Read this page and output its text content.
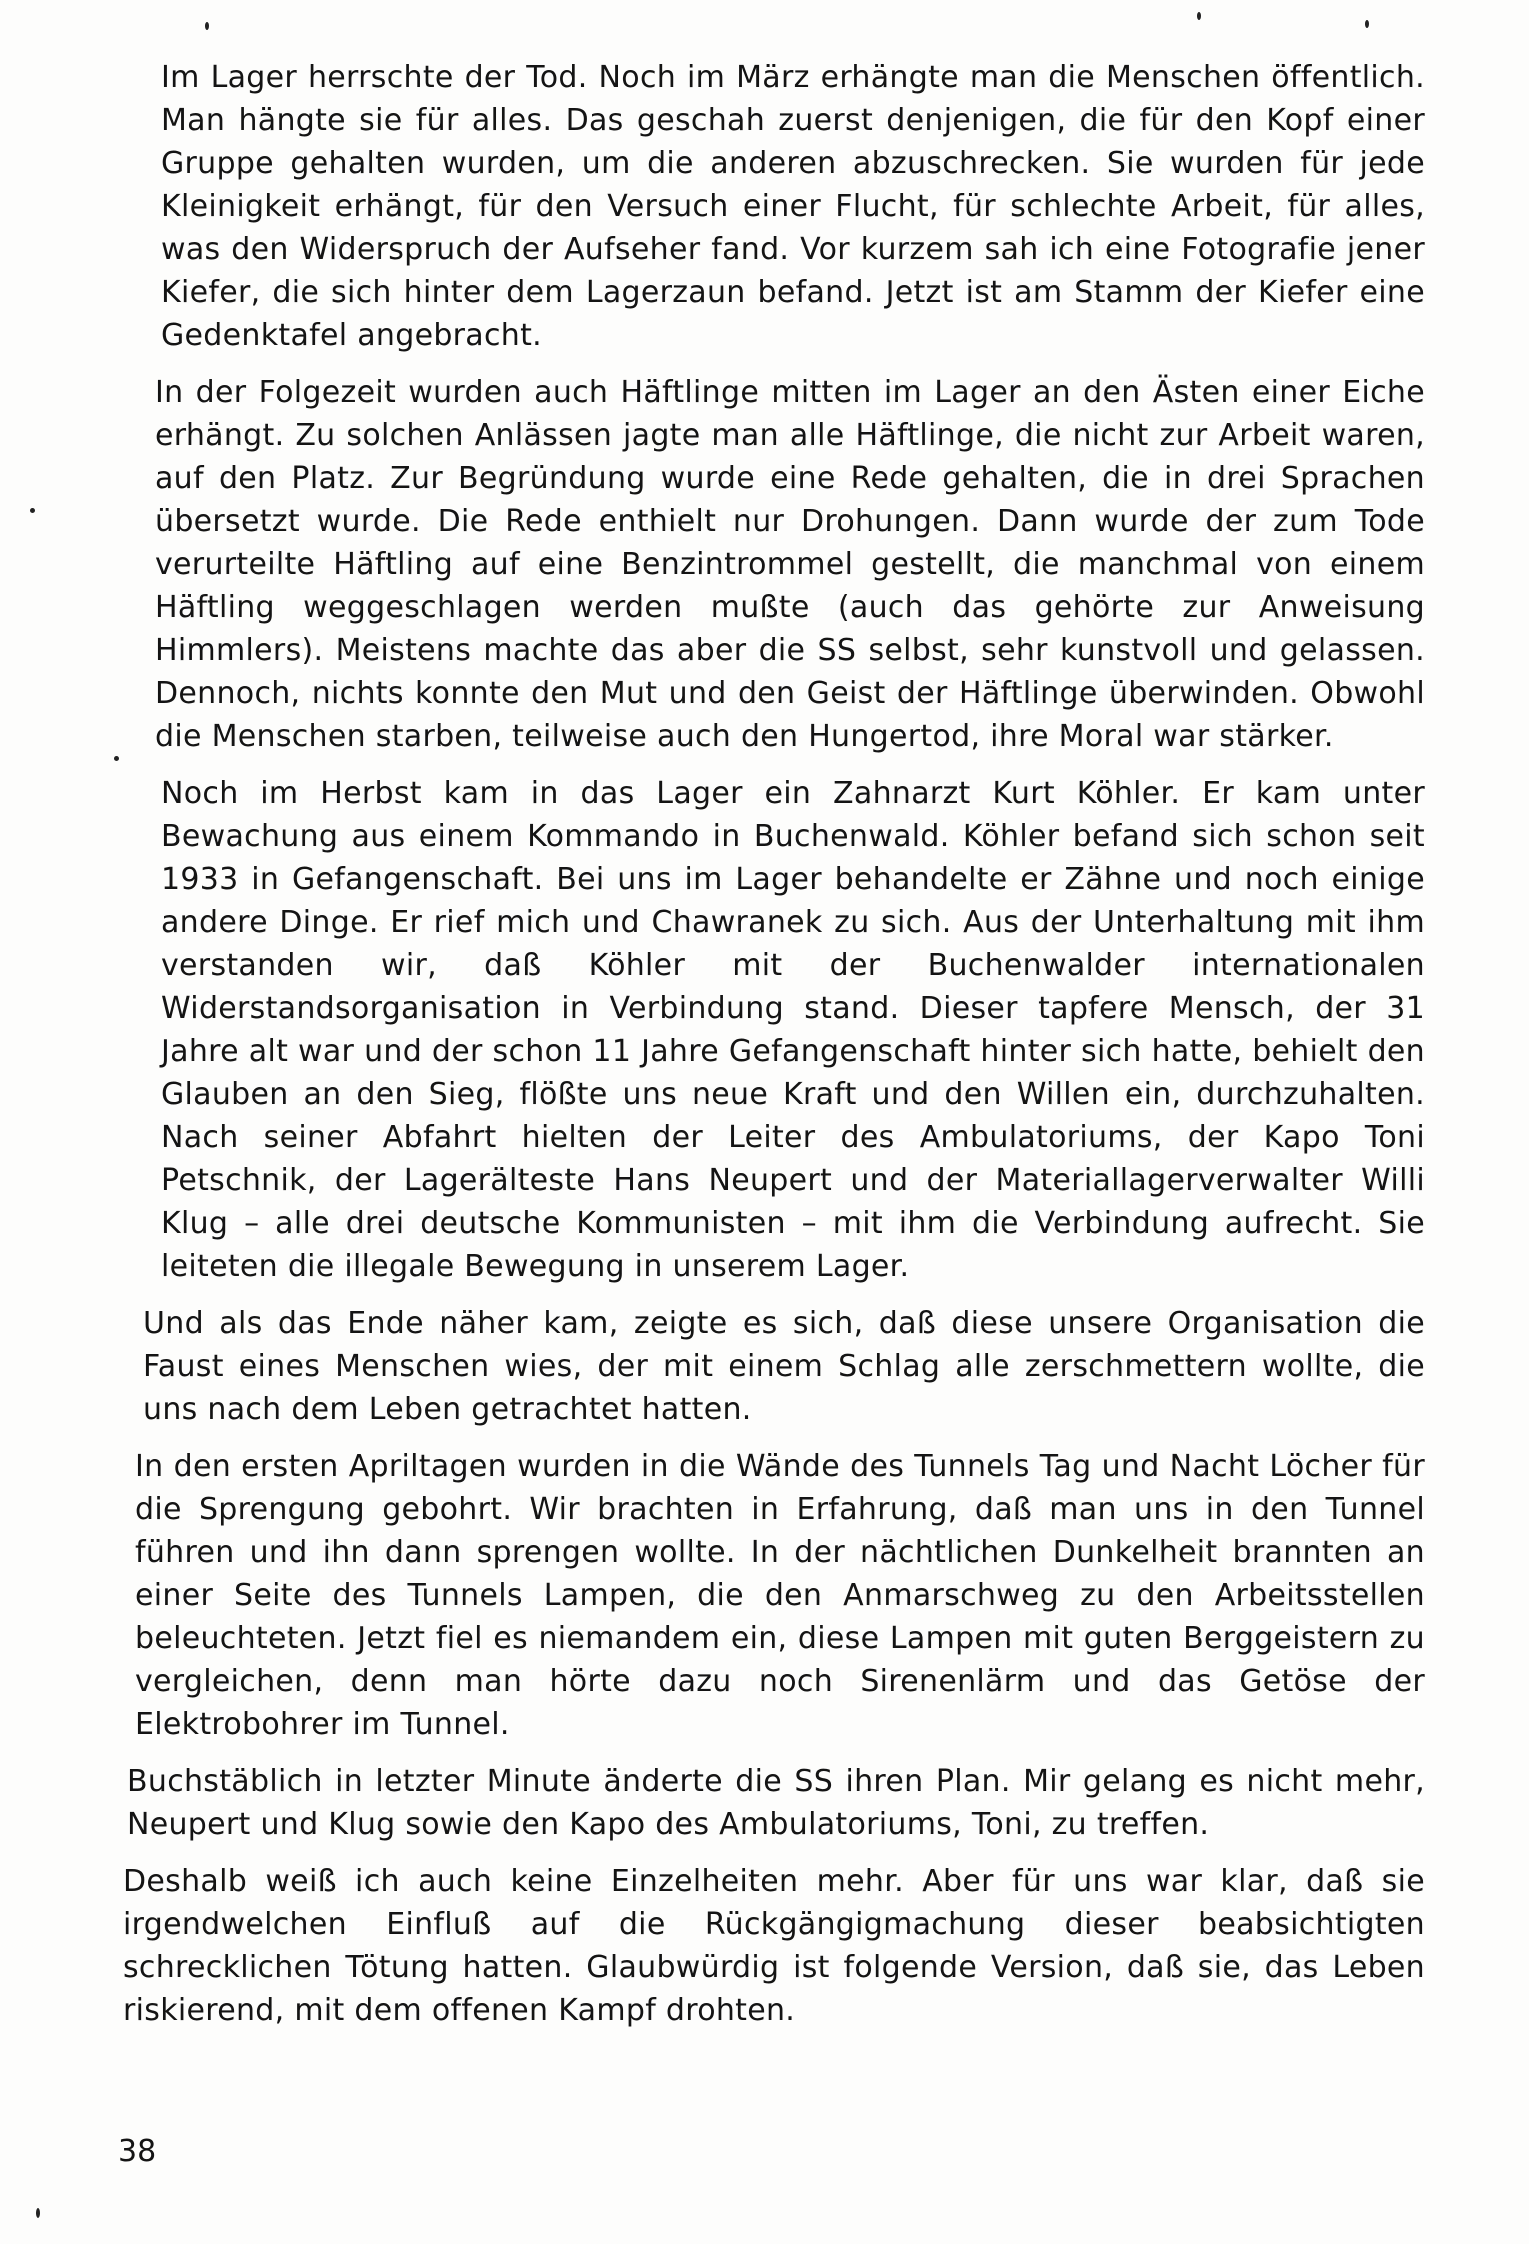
Im Lager herrschte der Tod. Noch im März erhängte man die Menschen öffentlich. Man hängte sie für alles. Das geschah zuerst denjenigen, die für den Kopf einer Gruppe gehalten wurden, um die anderen abzuschrecken. Sie wurden für jede Kleinigkeit erhängt, für den Versuch einer Flucht, für schlechte Arbeit, für alles, was den Widerspruch der Aufseher fand. Vor kurzem sah ich eine Fotografie jener Kiefer, die sich hinter dem Lagerzaun befand. Jetzt ist am Stamm der Kiefer eine Gedenktafel angebracht.

In der Folgezeit wurden auch Häftlinge mitten im Lager an den Ästen einer Eiche erhängt. Zu solchen Anlässen jagte man alle Häftlinge, die nicht zur Arbeit waren, auf den Platz. Zur Begründung wurde eine Rede gehalten, die in drei Sprachen übersetzt wurde. Die Rede enthielt nur Drohungen. Dann wurde der zum Tode verurteilte Häftling auf eine Benzintrommel gestellt, die manchmal von einem Häftling weggeschlagen werden mußte (auch das gehörte zur Anweisung Himmlers). Meistens machte das aber die SS selbst, sehr kunstvoll und gelassen. Dennoch, nichts konnte den Mut und den Geist der Häftlinge überwinden. Obwohl die Menschen starben, teilweise auch den Hungertod, ihre Moral war stärker.

Noch im Herbst kam in das Lager ein Zahnarzt Kurt Köhler. Er kam unter Bewachung aus einem Kommando in Buchenwald. Köhler befand sich schon seit 1933 in Gefangenschaft. Bei uns im Lager behandelte er Zähne und noch einige andere Dinge. Er rief mich und Chawranek zu sich. Aus der Unterhaltung mit ihm verstanden wir, daß Köhler mit der Buchenwalder internationalen Widerstandsorganisation in Verbindung stand. Dieser tapfere Mensch, der 31 Jahre alt war und der schon 11 Jahre Gefangenschaft hinter sich hatte, behielt den Glauben an den Sieg, flößte uns neue Kraft und den Willen ein, durchzuhalten. Nach seiner Abfahrt hielten der Leiter des Ambulatoriums, der Kapo Toni Petschnik, der Lagerälteste Hans Neupert und der Materiallagerverwalter Willi Klug – alle drei deutsche Kommunisten – mit ihm die Verbindung aufrecht. Sie leiteten die illegale Bewegung in unserem Lager.

Und als das Ende näher kam, zeigte es sich, daß diese unsere Organisation die Faust eines Menschen wies, der mit einem Schlag alle zerschmettern wollte, die uns nach dem Leben getrachtet hatten.

In den ersten Apriltagen wurden in die Wände des Tunnels Tag und Nacht Löcher für die Sprengung gebohrt. Wir brachten in Erfahrung, daß man uns in den Tunnel führen und ihn dann sprengen wollte. In der nächtlichen Dunkelheit brannten an einer Seite des Tunnels Lampen, die den Anmarschweg zu den Arbeitsstellen beleuchteten. Jetzt fiel es niemandem ein, diese Lampen mit guten Berggeistern zu vergleichen, denn man hörte dazu noch Sirenenlärm und das Getöse der Elektrobohrer im Tunnel.

Buchstäblich in letzter Minute änderte die SS ihren Plan. Mir gelang es nicht mehr, Neupert und Klug sowie den Kapo des Ambulatoriums, Toni, zu treffen.

Deshalb weiß ich auch keine Einzelheiten mehr. Aber für uns war klar, daß sie irgendwelchen Einfluß auf die Rückgängigmachung dieser beabsichtigten schrecklichen Tötung hatten. Glaubwürdig ist folgende Version, daß sie, das Leben riskierend, mit dem offenen Kampf drohten.

38
